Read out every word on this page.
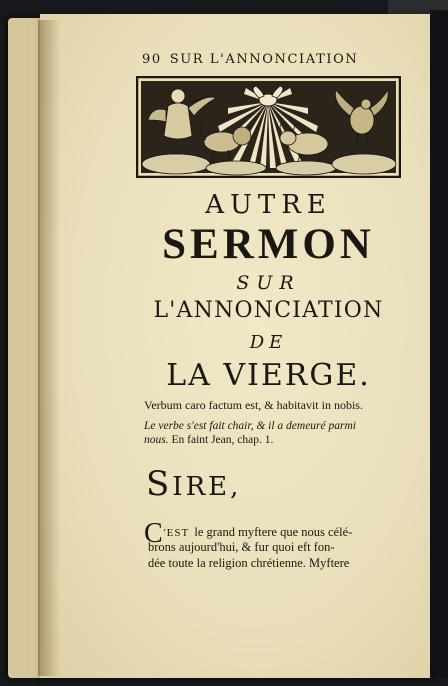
90 SUR L'ANNONCIATION
AUTRE
SERMON
SUR
L'ANNONCIATION
DE
LA VIERGE.
Verbum caro factum est, & habitavit in nobis.
Le verbe s'est fait chair, & il a demeuré parmi
nous. En faint Jean, chap. 1.
SIRE,
C'EST le grand myftere que nous célé-
brons aujourd'hui, & fur quoi eft fon-
dée toute la religion chrétienne. Myftere
